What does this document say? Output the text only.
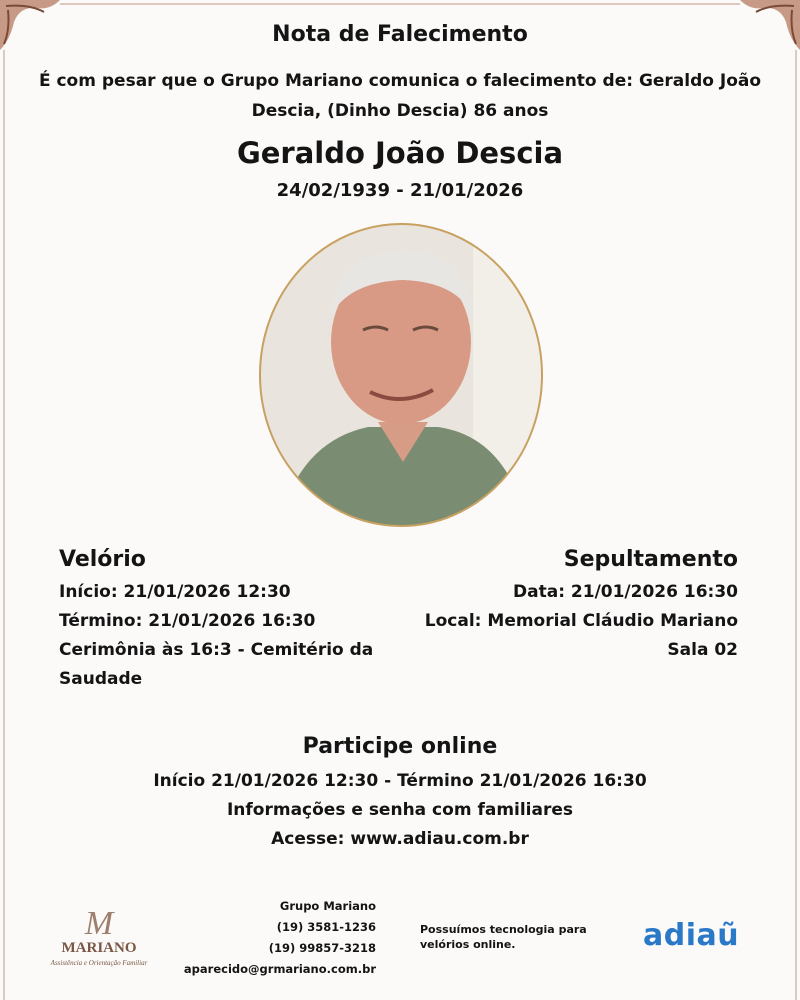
Nota de Falecimento
É com pesar que o Grupo Mariano comunica o falecimento de: Geraldo João Descia, (Dinho Descia) 86 anos
Geraldo João Descia
24/02/1939 - 21/01/2026
Velório
Início: 21/01/2026 12:30
Término: 21/01/2026 16:30
Cerimônia às 16:3 - Cemitério da Saudade
Sepultamento
Data: 21/01/2026 16:30
Local: Memorial Cláudio Mariano
Sala 02
Participe online
Início 21/01/2026 12:30 - Término 21/01/2026 16:30
Informações e senha com familiares
Acesse: www.adiau.com.br
M
MARIANO
Assistência e Orientação Familiar
Grupo Mariano
(19) 3581-1236
(19) 99857-3218
aparecido@grmariano.com.br
Possuímos tecnologia para velórios online.	adiaũ
